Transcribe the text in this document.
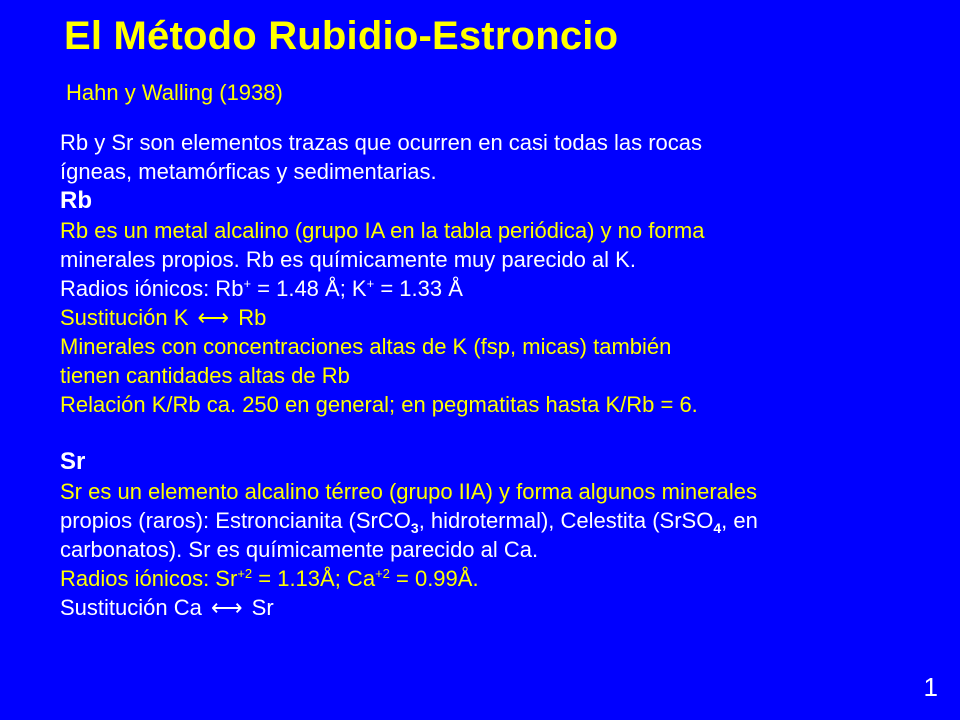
El Método Rubidio-Estroncio

Hahn y Walling (1938)

Rb y Sr son elementos trazas que ocurren en casi todas las rocas
ígneas, metamórficas y sedimentarias.
Rb
Rb es un metal alcalino (grupo IA en la tabla periódica) y no forma
minerales propios. Rb es químicamente muy parecido al K.
Radios iónicos: Rb+ = 1.48 Å; K+ = 1.33 Å
Sustitución K ⟷ Rb
Minerales con concentraciones altas de K (fsp, micas) también
tienen cantidades altas de Rb
Relación K/Rb ca. 250 en general; en pegmatitas hasta K/Rb = 6.
Sr
Sr es un elemento alcalino térreo (grupo IIA) y forma algunos minerales
propios (raros): Estroncianita (SrCO$_3$, hidrotermal), Celestita (SrSO$_4$, en
carbonatos). Sr es químicamente parecido al Ca.
Radios iónicos: $Sr^{+2}$ = 1.13Å; $Ca^{+2}$ = 0.99Å.
Sustitución Ca ⟷ Sr
1
